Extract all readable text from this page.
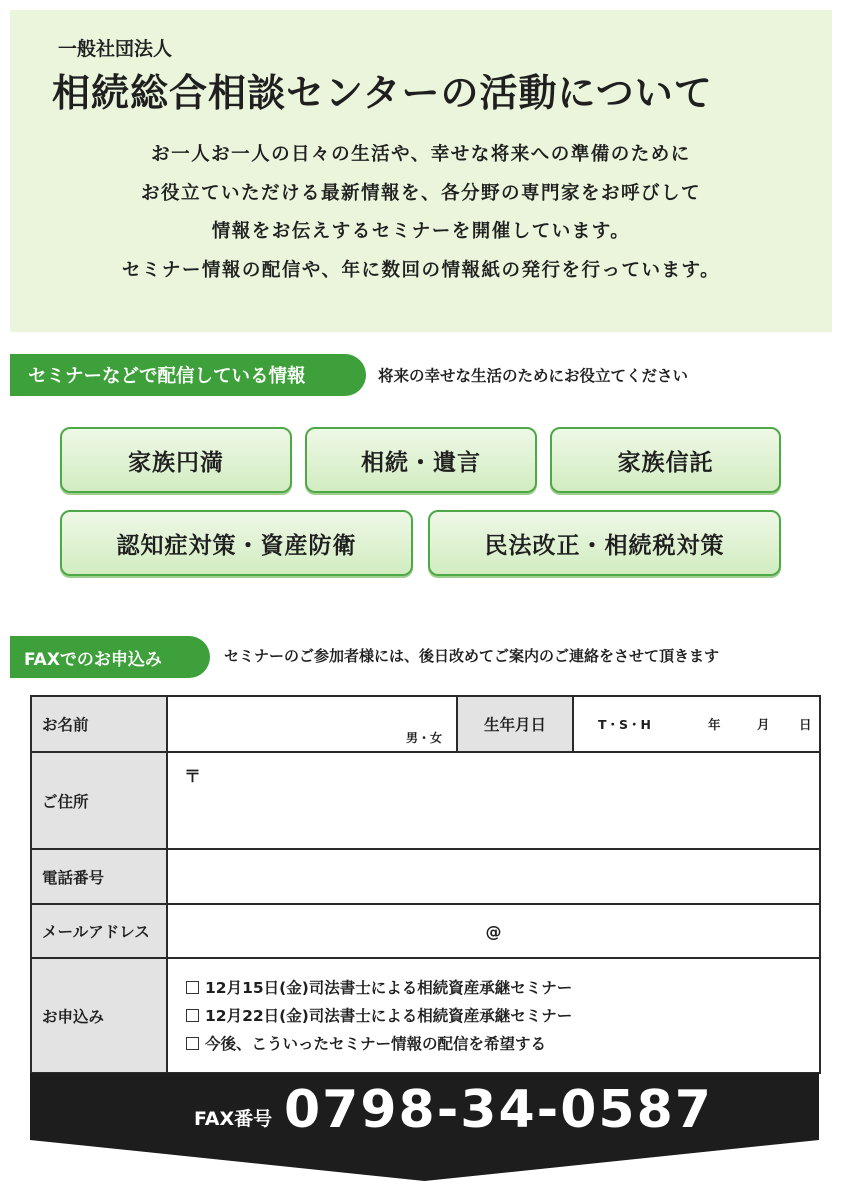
一般社団法人
相続総合相談センターの活動について

お一人お一人の日々の生活や、幸せな将来への準備のために

お役立ていただける最新情報を、各分野の専門家をお呼びして

情報をお伝えするセミナーを開催しています。

セミナー情報の配信や、年に数回の情報紙の発行を行っています。

セミナーなどで配信している情報	将来の幸せな生活のためにお役立てください
家族円満	相続・遺言	家族信託
認知症対策・資産防衛	民法改正・相続税対策
FAXでのお申込み	セミナーのご参加者様には、後日改めてご案内のご連絡をさせて頂きます
お名前	男・女	生年月日	T・S・H 年 月 日

ご住所	〒		

電話番号			
メールアドレス	@		
お申込み	12月15日(金)司法書士による相続資産承継セミナー
12月22日(金)司法書士による相続資産承継セミナー
今後、こういったセミナー情報の配信を希望する		
FAX番号 0798-34-0587
